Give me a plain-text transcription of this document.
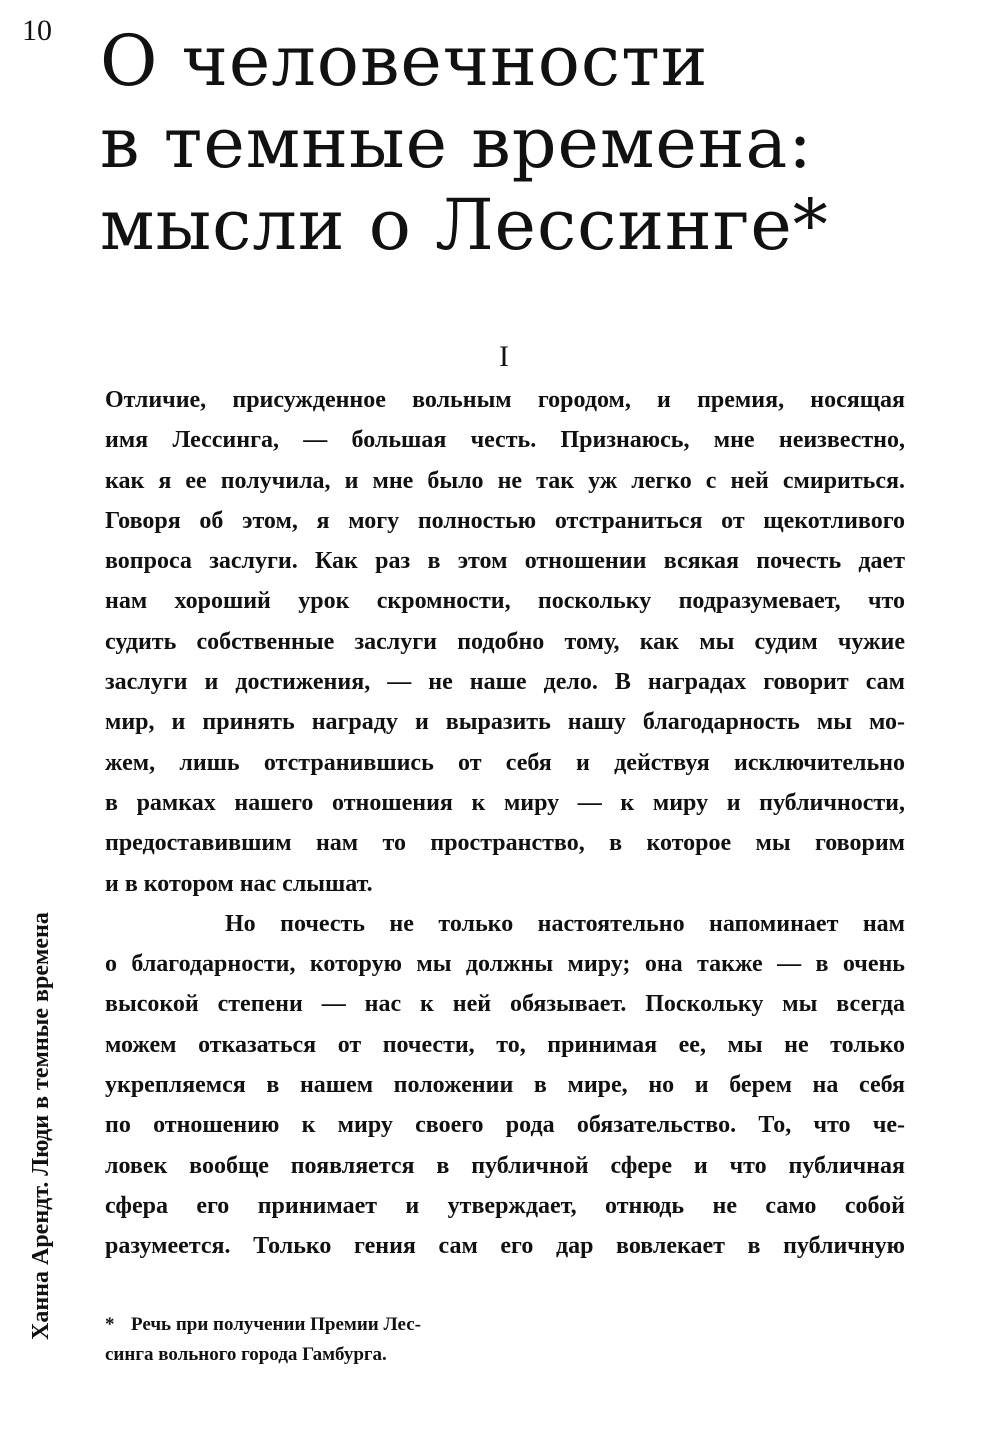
10 О человечности
в темные времена:
мысли о Лессинге*
I
Отличие, присужденное вольным городом, и премия, носящая
имя Лессинга, — большая честь. Признаюсь, мне неизвестно,
как я ее получила, и мне было не так уж легко с ней смириться.
Говоря об этом, я могу полностью отстраниться от щекотливого
вопроса заслуги. Как раз в этом отношении всякая почесть дает
нам хороший урок скромности, поскольку подразумевает, что
судить собственные заслуги подобно тому, как мы судим чужие
заслуги и достижения, — не наше дело. В наградах говорит сам
мир, и принять награду и выразить нашу благодарность мы мо-
жем, лишь отстранившись от себя и действуя исключительно
в рамках нашего отношения к миру — к миру и публичности,
предоставившим нам то пространство, в которое мы говорим
и в котором нас слышат.
Но почесть не только настоятельно напоминает нам
о благодарности, которую мы должны миру; она также — в очень
высокой степени — нас к ней обязывает. Поскольку мы всегда
можем отказаться от почести, то, принимая ее, мы не только
укрепляемся в нашем положении в мире, но и берем на себя
по отношению к миру своего рода обязательство. То, что че-
ловек вообще появляется в публичной сфере и что публичная
сфера его принимает и утверждает, отнюдь не само собой
разумеется. Только гения сам его дар вовлекает в публичную
Ханна Арендт. Люди в темные времена	* Речь при получении Премии Лес-
синга вольного города Гамбурга.
